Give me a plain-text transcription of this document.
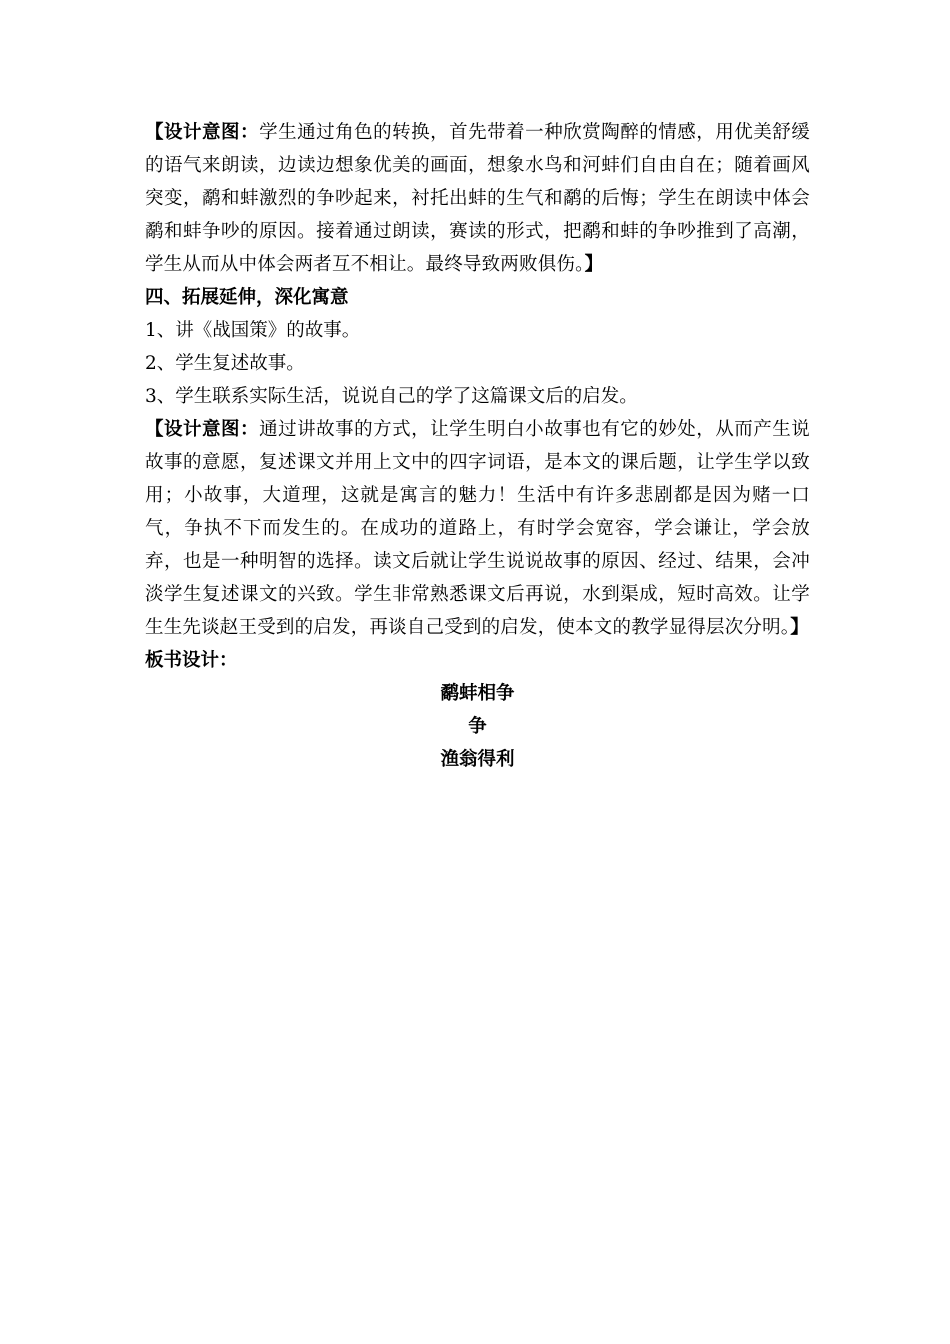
【设计意图：学生通过角色的转换，首先带着一种欣赏陶醉的情感，用优美舒缓的语气来朗读，边读边想象优美的画面，想象水鸟和河蚌们自由自在；随着画风突变，鹬和蚌激烈的争吵起来，衬托出蚌的生气和鹬的后悔；学生在朗读中体会鹬和蚌争吵的原因。接着通过朗读，赛读的形式，把鹬和蚌的争吵推到了高潮，学生从而从中体会两者互不相让。最终导致两败俱伤。】

四、拓展延伸，深化寓意

1、讲《战国策》的故事。

2、学生复述故事。

3、学生联系实际生活，说说自己的学了这篇课文后的启发。

【设计意图：通过讲故事的方式，让学生明白小故事也有它的妙处，从而产生说故事的意愿，复述课文并用上文中的四字词语，是本文的课后题，让学生学以致用；小故事，大道理，这就是寓言的魅力！生活中有许多悲剧都是因为赌一口气，争执不下而发生的。在成功的道路上，有时学会宽容，学会谦让，学会放弃，也是一种明智的选择。读文后就让学生说说故事的原因、经过、结果，会冲淡学生复述课文的兴致。学生非常熟悉课文后再说，水到渠成，短时高效。让学生生先谈赵王受到的启发，再谈自己受到的启发，使本文的教学显得层次分明。】

板书设计：

鹬蚌相争
争
渔翁得利
